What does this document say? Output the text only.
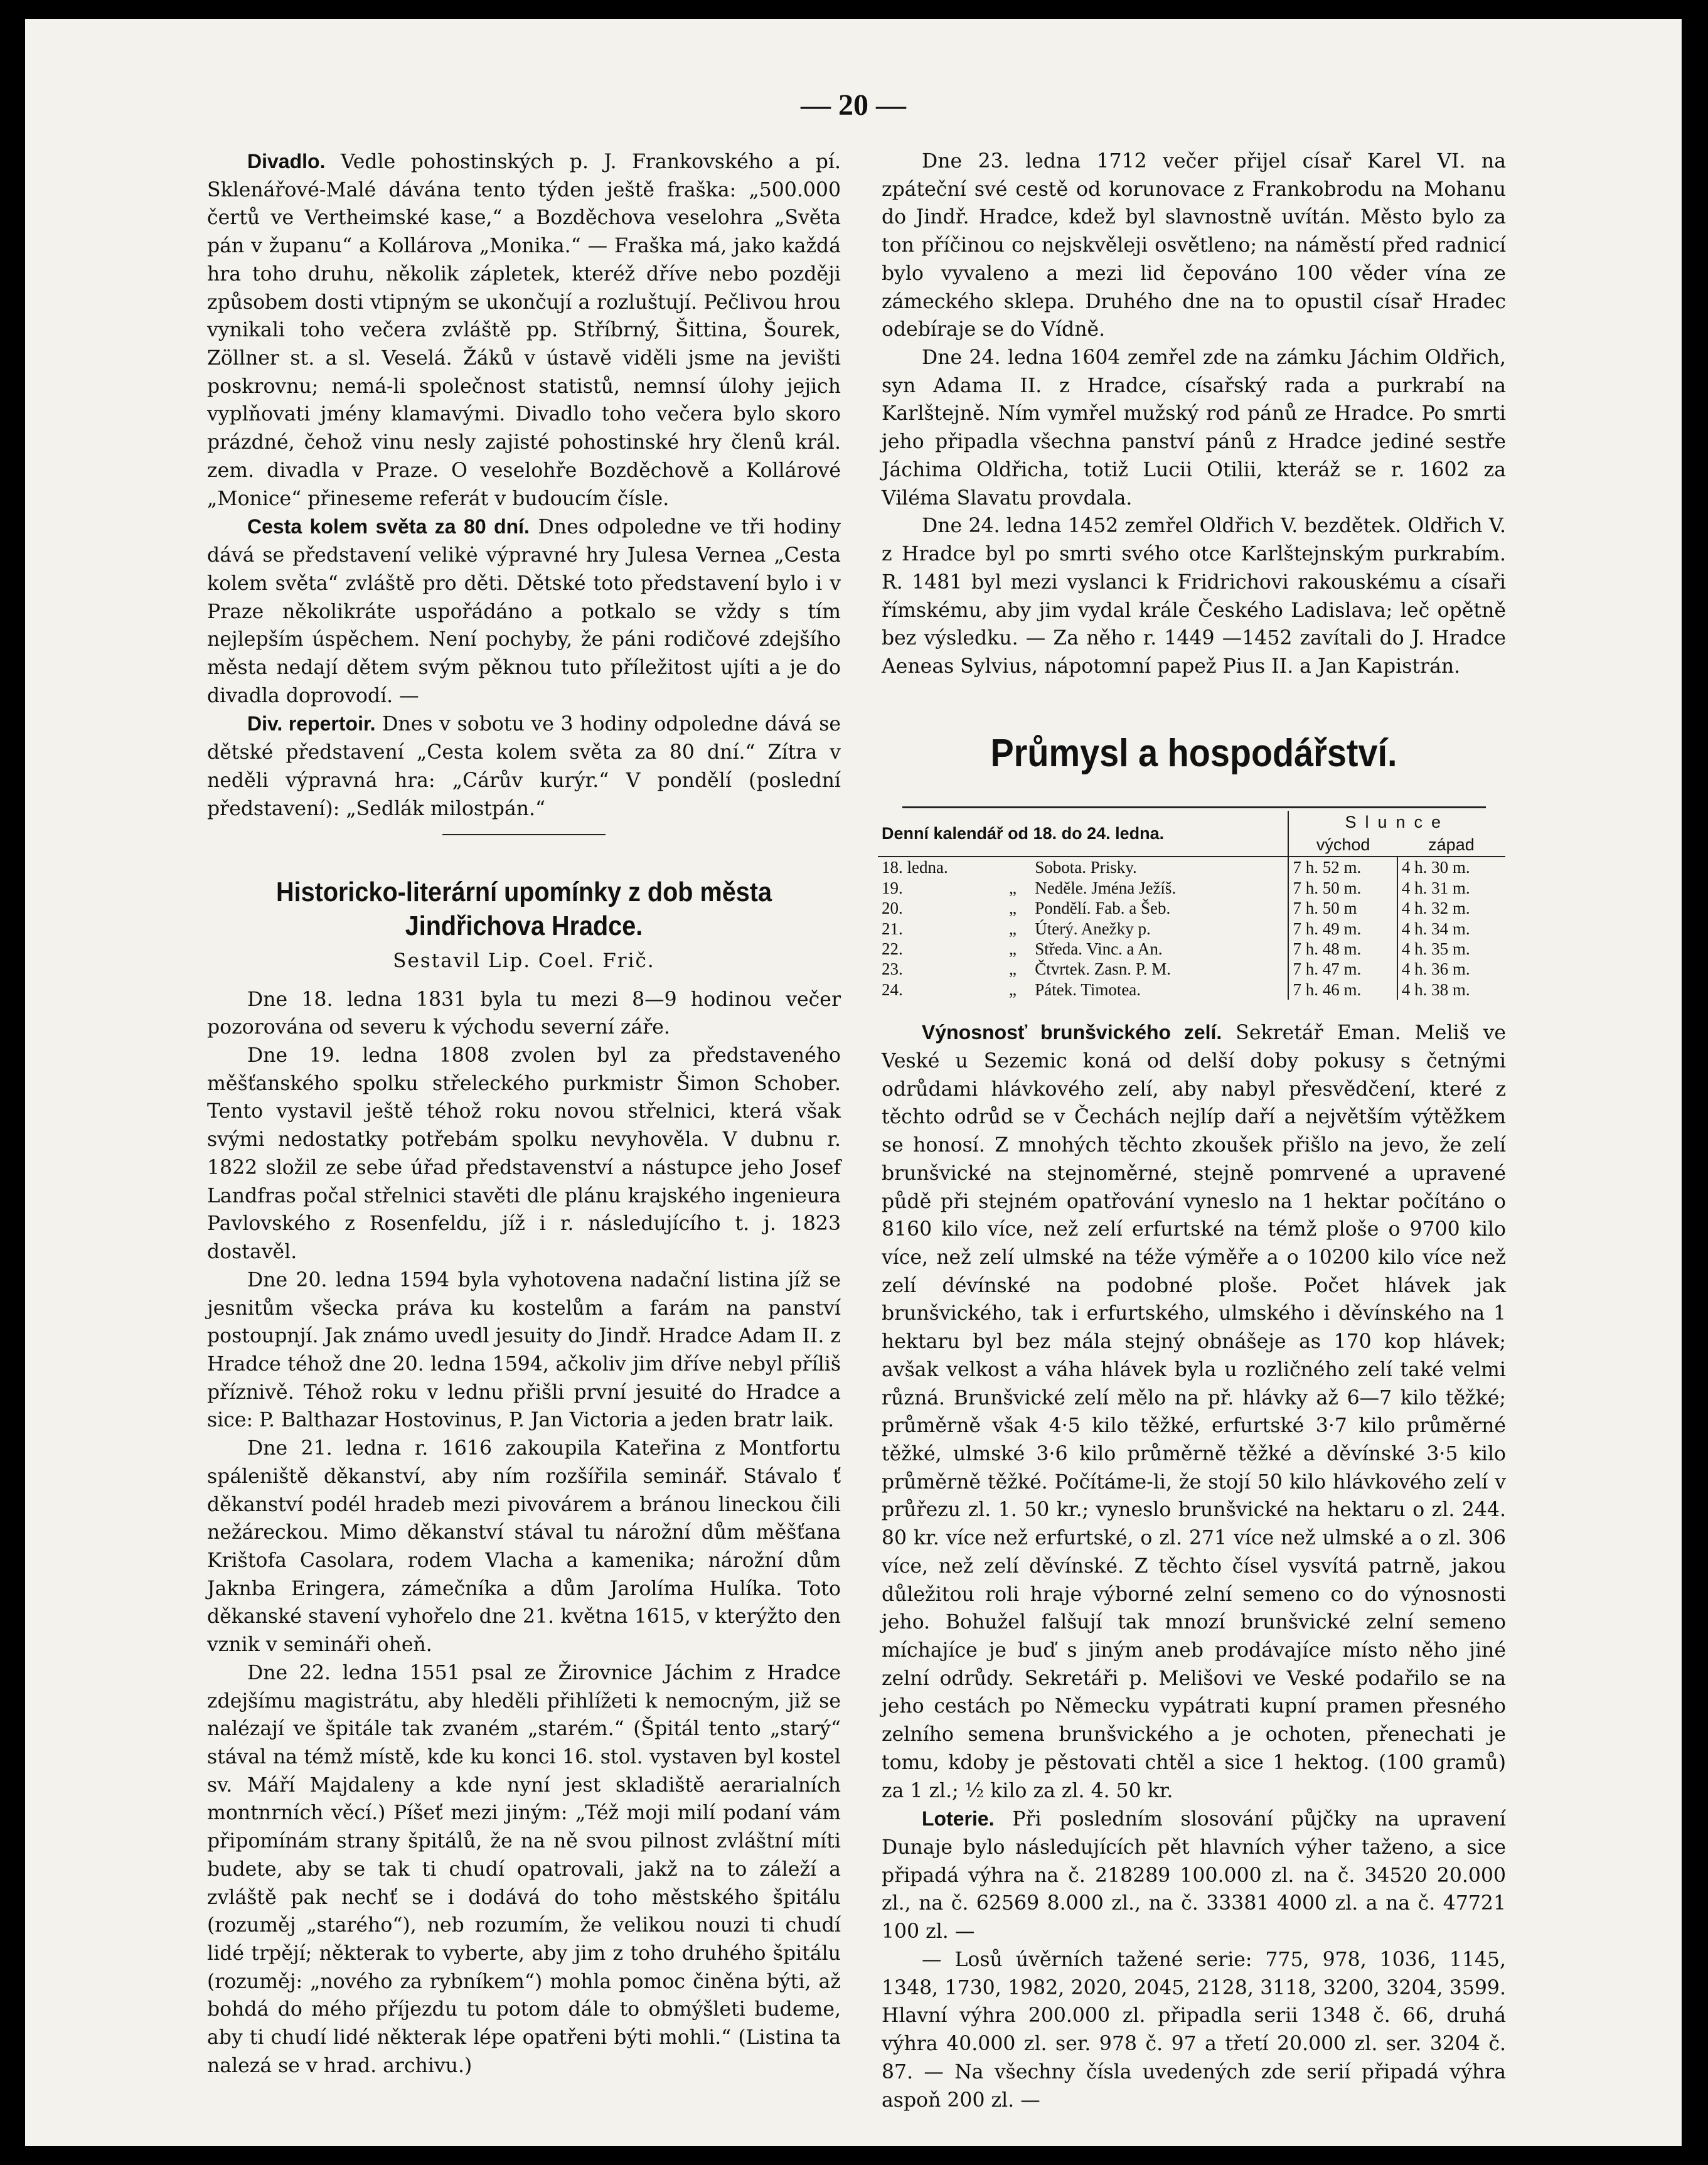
— 20 —

Divadlo. Vedle pohostinských p. J. Frankovského a pí. Sklenářové-Malé dávána tento týden ještě fraška: „500.000 čertů ve Vertheimské kase,“ a Bozděchova veselohra „Světa pán v županu“ a Kollárova „Monika.“ — Fraška má, jako každá hra toho druhu, několik zápletek, kteréž dříve nebo později způsobem dosti vtipným se ukončují a rozluštují. Pečlivou hrou vynikali toho večera zvláště pp. Stříbrný, Šittina, Šourek, Zöllner st. a sl. Veselá. Žáků v ústavě viděli jsme na jevišti poskrovnu; nemá-li společnost statistů, nemnsí úlohy jejich vyplňovati jmény klamavými. Divadlo toho večera bylo skoro prázdné, čehož vinu nesly zajisté pohostinské hry členů král. zem. divadla v Praze. O veselohře Bozděchově a Kollárové „Monice“ přineseme referát v budoucím čísle.

Cesta kolem světa za 80 dní. Dnes odpoledne ve tři hodiny dává se představení velikė výpravné hry Julesa Vernea „Cesta kolem světa“ zvláště pro děti. Dětské toto představení bylo i v Praze několikráte uspořádáno a potkalo se vždy s tím nejlepším úspěchem. Není pochyby, že páni rodičové zdejšího města nedají dětem svým pěknou tuto příležitost ujíti a je do divadla doprovodí. —

Div. repertoir. Dnes v sobotu ve 3 hodiny odpoledne dává se dětské představení „Cesta kolem světa za 80 dní.“ Zítra v neděli výpravná hra: „Cárův kurýr.“ V pondělí (poslední představení): „Sedlák milostpán.“

Historicko-literární upomínky z dob města Jindřichova Hradce.
Sestavil Lip. Coel. Frič.

Dne 18. ledna 1831 byla tu mezi 8—9 hodinou večer pozorována od severu k východu severní záře.

Dne 19. ledna 1808 zvolen byl za představeného měšťanského spolku střeleckého purkmistr Šimon Schober. Tento vystavil ještě téhož roku novou střelnici, která však svými nedostatky potřebám spolku nevyhověla. V dubnu r. 1822 složil ze sebe úřad představenství a nástupce jeho Josef Landfras počal střelnici stavěti dle plánu krajského ingenieura Pavlovského z Rosenfeldu, jíž i r. následujícího t. j. 1823 dostavěl.

Dne 20. ledna 1594 byla vyhotovena nadační listina jíž se jesnitům všecka práva ku kostelům a farám na panství postoupnjí. Jak známo uvedl jesuity do Jindř. Hradce Adam II. z Hradce téhož dne 20. ledna 1594, ačkoliv jim dříve nebyl příliš příznivě. Téhož roku v lednu přišli první jesuité do Hradce a sice: P. Balthazar Hostovinus, P. Jan Victoria a jeden bratr laik.

Dne 21. ledna r. 1616 zakoupila Kateřina z Montfortu spáleniště děkanství, aby ním rozšířila seminář. Stávalo ť děkanství podél hradeb mezi pivovárem a bránou lineckou čili nežáreckou. Mimo děkanství stával tu nárožní dům měšťana Krištofa Casolara, rodem Vlacha a kamenika; nárožní dům Jaknba Eringera, zámečníka a dům Jarolíma Hulíka. Toto děkanské stavení vyhořelo dne 21. května 1615, v kterýžto den vznik v semináři oheň.

Dne 22. ledna 1551 psal ze Žirovnice Jáchim z Hradce zdejšímu magistrátu, aby hleděli přihlížeti k nemocným, již se nalézají ve špitále tak zvaném „starém.“ (Špitál tento „starý“ stával na témž místě, kde ku konci 16. stol. vystaven byl kostel sv. Máří Majdaleny a kde nyní jest skladiště aerarialních montnrních věcí.) Píšeť mezi jiným: „Též moji milí podaní vám připomínám strany špitálů, že na ně svou pilnost zvláštní míti budete, aby se tak ti chudí opatrovali, jakž na to záleží a zvláště pak nechť se i dodává do toho městského špitálu (rozuměj „starého“), neb rozumím, že velikou nouzi ti chudí lidé trpějí; některak to vyberte, aby jim z toho druhého špitálu (rozuměj: „nového za rybníkem“) mohla pomoc činěna býti, až bohdá do mého příjezdu tu potom dále to obmýšleti budeme, aby ti chudí lidé některak lépe opatřeni býti mohli.“ (Listina ta nalezá se v hrad. archivu.)

Dne 23. ledna 1712 večer přijel císař Karel VI. na zpáteční své cestě od korunovace z Frankobrodu na Mohanu do Jindř. Hradce, kdež byl slavnostně uvítán. Město bylo za ton příčinou co nejskvěleji osvětleno; na náměstí před radnicí bylo vyvaleno a mezi lid čepováno 100 věder vína ze zámeckého sklepa. Druhého dne na to opustil císař Hradec odebíraje se do Vídně.

Dne 24. ledna 1604 zemřel zde na zámku Jáchim Oldřich, syn Adama II. z Hradce, císařský rada a purkrabí na Karlštejně. Ním vymřel mužský rod pánů ze Hradce. Po smrti jeho připadla všechna panství pánů z Hradce jediné sestře Jáchima Oldřicha, totiž Lucii Otilii, kteráž se r. 1602 za Viléma Slavatu provdala.

Dne 24. ledna 1452 zemřel Oldřich V. bezdětek. Oldřich V. z Hradce byl po smrti svého otce Karlštejnským purkrabím. R. 1481 byl mezi vyslanci k Fridrichovi rakouskému a císaři římskému, aby jim vydal krále Českého Ladislava; leč opětně bez výsledku. — Za něho r. 1449 —1452 zavítali do J. Hradce Aeneas Sylvius, nápotomní papež Pius II. a Jan Kapistrán.

Průmysl a hospodářství.
Denní kalendář od 18. do 24. ledna.			Slunce	
			východ	západ
18. ledna.		Sobota. Prisky.	7 h. 52 m.	4 h. 30 m.
19.	„	Neděle. Jména Ježíš.	7 h. 50 m.	4 h. 31 m.
20.	„	Pondělí. Fab. a Šeb.	7 h. 50 m	4 h. 32 m.
21.	„	Úterý. Anežky p.	7 h. 49 m.	4 h. 34 m.
22.	„	Středa. Vinc. a An.	7 h. 48 m.	4 h. 35 m.
23.	„	Čtvrtek. Zasn. P. M.	7 h. 47 m.	4 h. 36 m.
24.	„	Pátek. Timotea.	7 h. 46 m.	4 h. 38 m.

Výnosnosť brunšvického zelí. Sekretář Eman. Meliš ve Veské u Sezemic koná od delší doby pokusy s četnými odrůdami hlávkového zelí, aby nabyl přesvědčení, které z těchto odrůd se v Čechách nejlíp daří a největším výtěžkem se honosí. Z mnohých těchto zkoušek přišlo na jevo, že zelí brunšvické na stejnoměrné, stejně pomrvené a upravené půdě při stejném opatřování vyneslo na 1 hektar počítáno o 8160 kilo více, než zelí erfurtské na témž ploše o 9700 kilo více, než zelí ulmské na téže výměře a o 10200 kilo více než zelí dévínské na podobné ploše. Počet hlávek jak brunšvického, tak i erfurtského, ulmského i děvínského na 1 hektaru byl bez mála stejný obnášeje as 170 kop hlávek; avšak velkost a váha hlávek byla u rozličného zelí také velmi různá. Brunšvické zelí mělo na př. hlávky až 6—7 kilo těžké; průměrně však 4·5 kilo těžké, erfurtské 3·7 kilo průměrné těžké, ulmské 3·6 kilo průměrně těžké a děvínské 3·5 kilo průměrně těžké. Počítáme-li, že stojí 50 kilo hlávkového zelí v průřezu zl. 1. 50 kr.; vyneslo brunšvické na hektaru o zl. 244. 80 kr. více než erfurtské, o zl. 271 více než ulmské a o zl. 306 více, než zelí děvínské. Z těchto čísel vysvítá patrně, jakou důležitou roli hraje výborné zelní semeno co do výnosnosti jeho. Bohužel falšují tak mnozí brunšvické zelní semeno míchajíce je buď s jiným aneb prodávajíce místo něho jiné zelní odrůdy. Sekretáři p. Melišovi ve Veské podařilo se na jeho cestách po Německu vypátrati kupní pramen přesného zelního semena brunšvického a je ochoten, přenechati je tomu, kdoby je pěstovati chtěl a sice 1 hektog. (100 gramů) za 1 zl.; ⅟₂ kilo za zl. 4. 50 kr.

Loterie. Při posledním slosování půjčky na upravení Dunaje bylo následujících pět hlavních výher taženo, a sice připadá výhra na č. 218289 100.000 zl. na č. 34520 20.000 zl., na č. 62569 8.000 zl., na č. 33381 4000 zl. a na č. 47721 100 zl. —

— Losů úvěrních tažené serie: 775, 978, 1036, 1145, 1348, 1730, 1982, 2020, 2045, 2128, 3118, 3200, 3204, 3599. Hlavní výhra 200.000 zl. připadla serii 1348 č. 66, druhá výhra 40.000 zl. ser. 978 č. 97 a třetí 20.000 zl. ser. 3204 č. 87. — Na všechny čísla uvedených zde serií připadá výhra aspoň 200 zl. —
